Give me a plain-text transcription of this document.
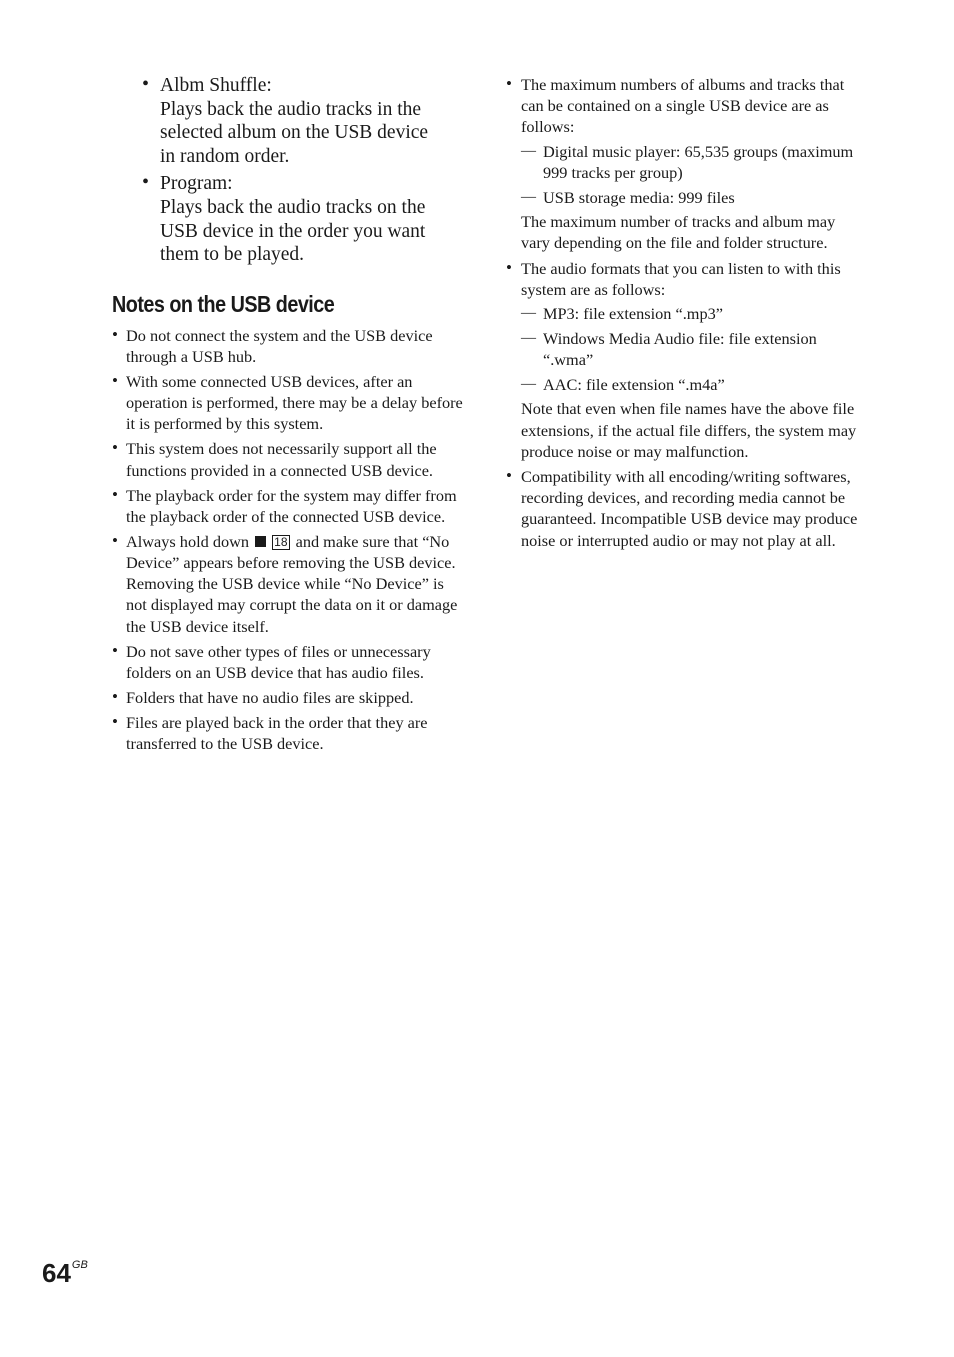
• Albm Shuffle:
Plays back the audio tracks in the
selected album on the USB device
in random order.
• Program:
Plays back the audio tracks on the
USB device in the order you want
them to be played.
Notes on the USB device
• Do not connect the system and the USB device through a USB hub.
• With some connected USB devices, after an operation is performed, there may be a delay before it is performed by this system.
• This system does not necessarily support all the functions provided in a connected USB device.
• The playback order for the system may differ from the playback order of the connected USB device.
• Always hold down 18 and make sure that “No Device” appears before removing the USB device. Removing the USB device while “No Device” is not displayed may corrupt the data on it or damage the USB device itself.
• Do not save other types of files or unnecessary folders on an USB device that has audio files.
• Folders that have no audio files are skipped.
• Files are played back in the order that they are transferred to the USB device.
• The maximum numbers of albums and tracks that can be contained on a single USB device are as follows:
— Digital music player: 65,535 groups (maximum 999 tracks per group)
— USB storage media: 999 files
The maximum number of tracks and album may vary depending on the file and folder structure.
• The audio formats that you can listen to with this system are as follows:
— MP3: file extension “.mp3”
— Windows Media Audio file: file extension “.wma”
— AAC: file extension “.m4a”
Note that even when file names have the above file extensions, if the actual file differs, the system may produce noise or may malfunction.
• Compatibility with all encoding/writing softwares, recording devices, and recording media cannot be guaranteed. Incompatible USB device may produce noise or interrupted audio or may not play at all.
$64^{GB}$
